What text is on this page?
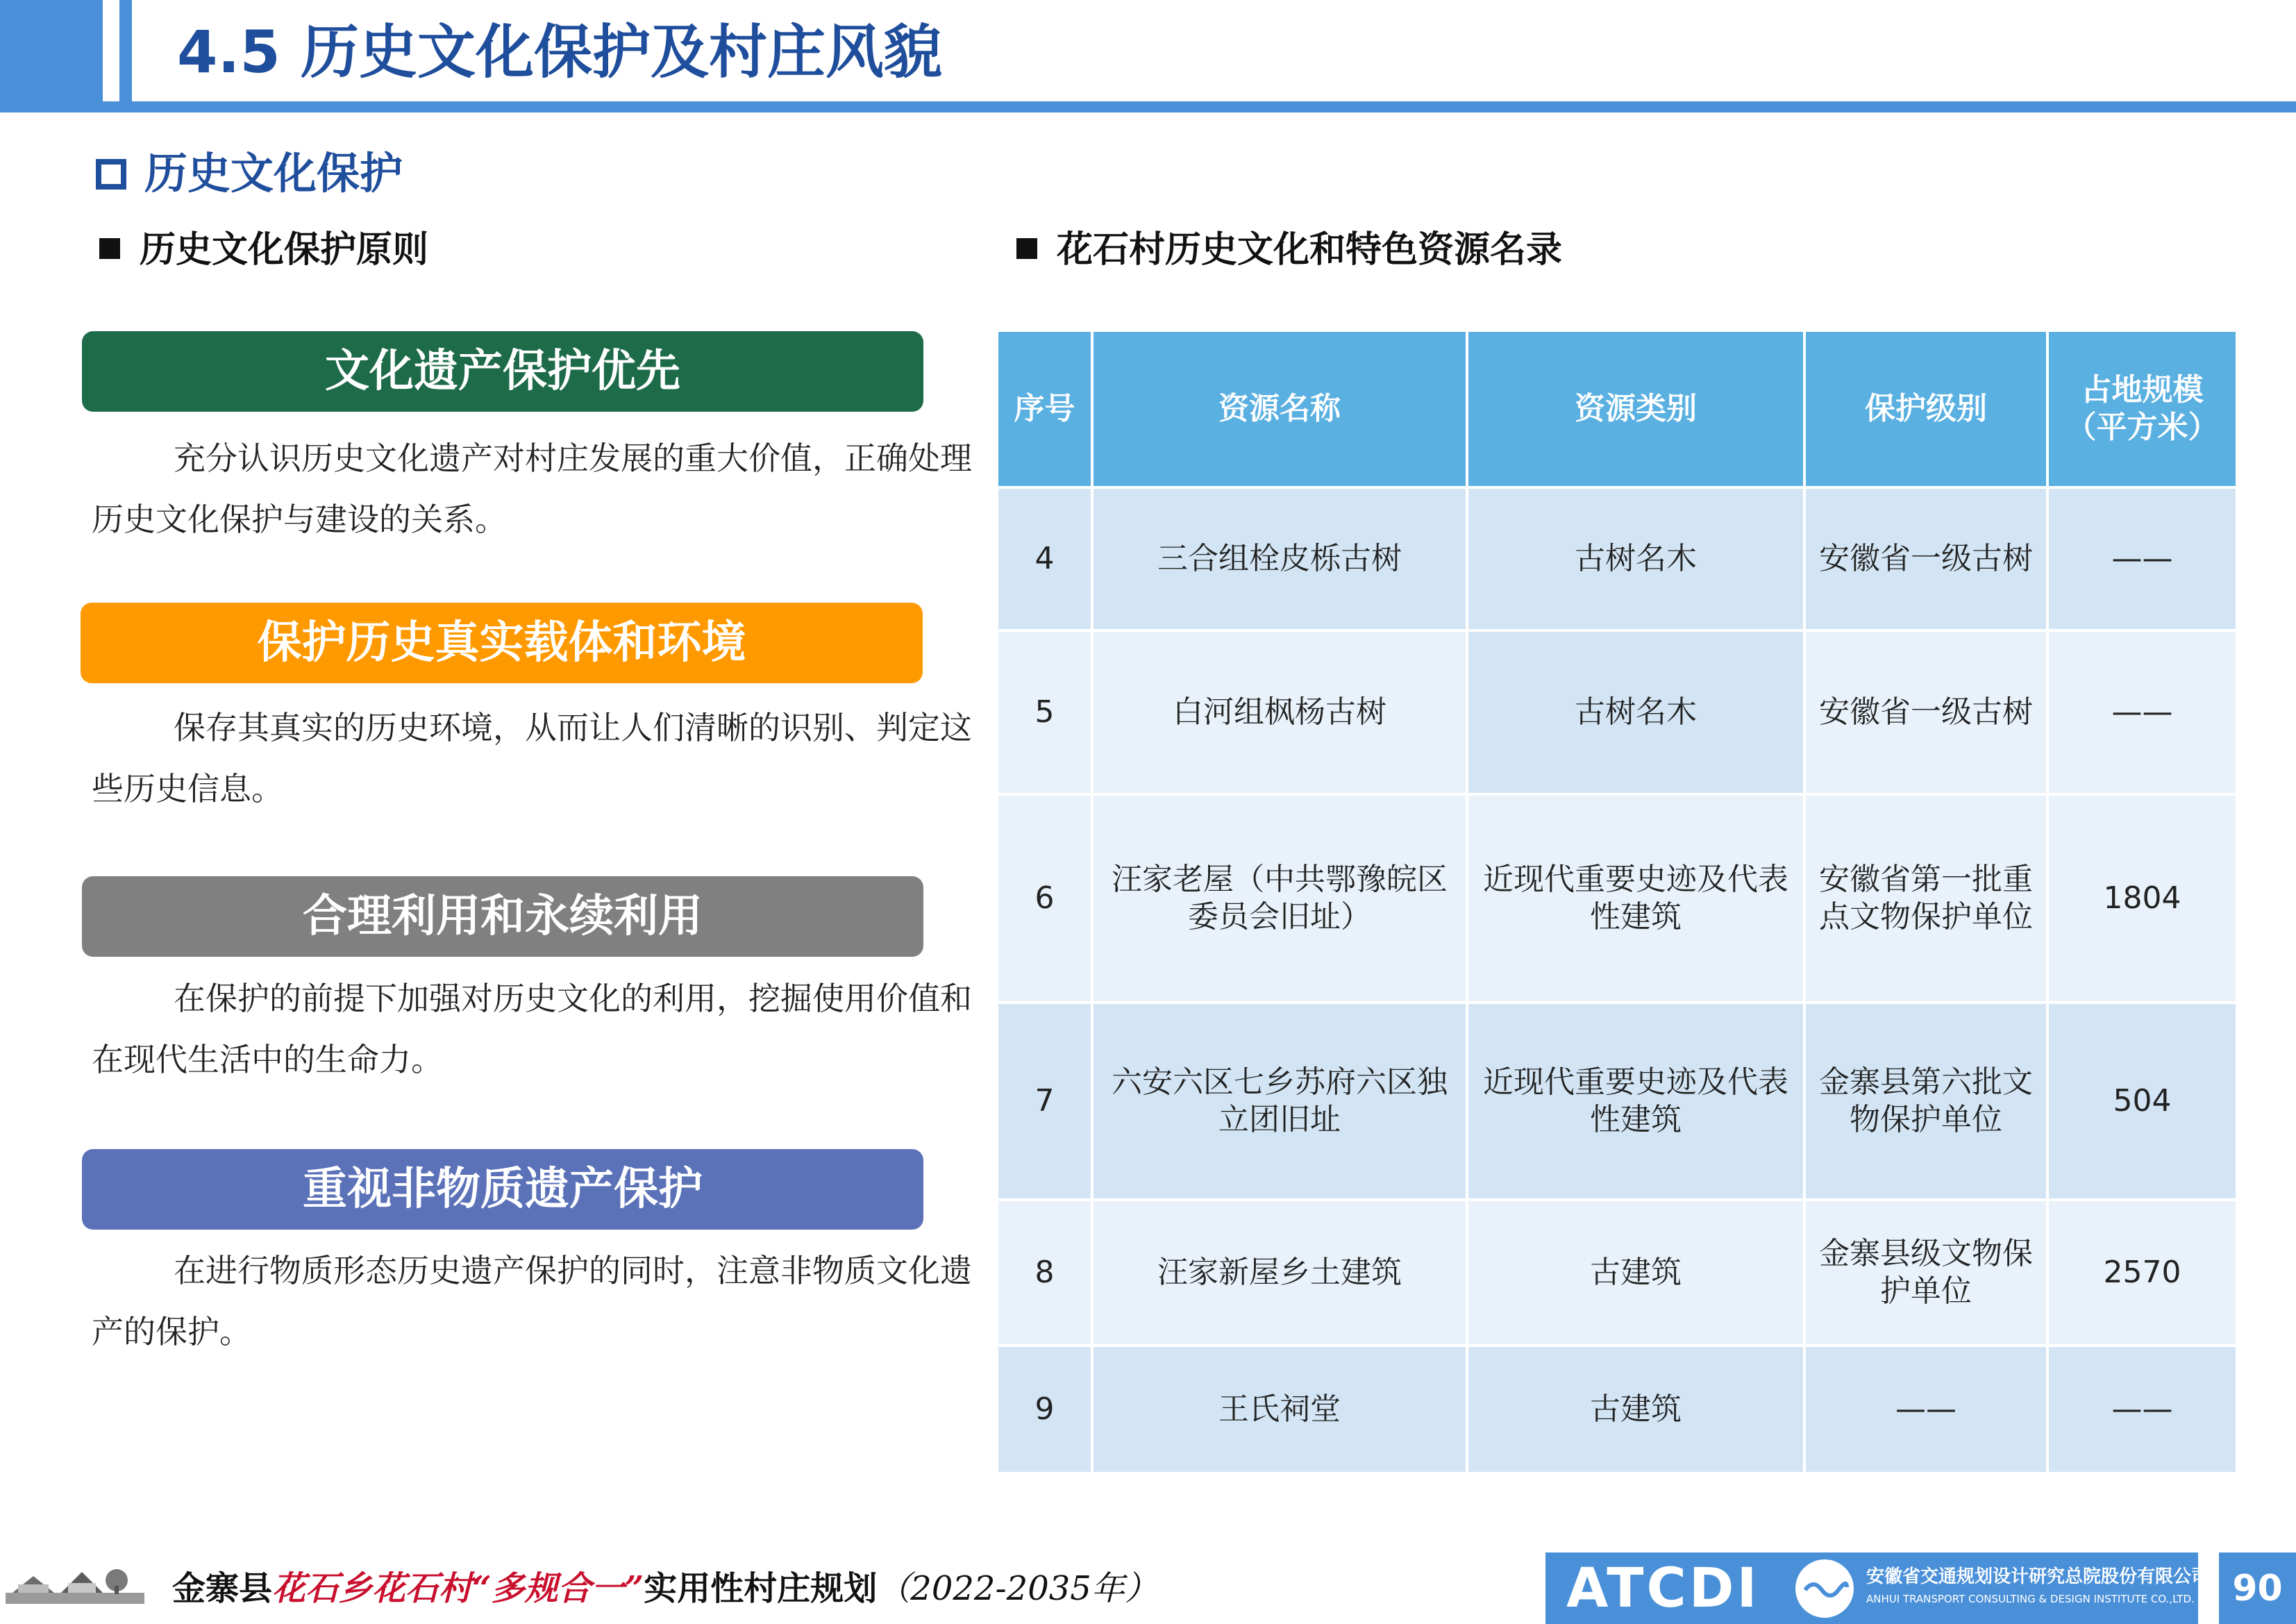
4.5 历史文化保护及村庄风貌
历史文化保护
历史文化保护原则	花石村历史文化和特色资源名录
文化遗产保护优先
充分认识历史文化遗产对村庄发展的重大价值，正确处理历史文化保护与建设的关系。
保护历史真实载体和环境
保存其真实的历史环境，从而让人们清晰的识别、判定这些历史信息。
合理利用和永续利用
在保护的前提下加强对历史文化的利用，挖掘使用价值和在现代生活中的生命力。
重视非物质遗产保护
在进行物质形态历史遗产保护的同时，注意非物质文化遗产的保护。
序号	资源名称	资源类别	保护级别	占地规模
（平方米）
4	三合组栓皮栎古树	古树名木	安徽省一级古树	——
5	白河组枫杨古树	古树名木	安徽省一级古树	——
6	汪家老屋（中共鄂豫皖区委员会旧址）	近现代重要史迹及代表性建筑	安徽省第一批重点文物保护单位	1804
7	六安六区七乡苏府六区独立团旧址	近现代重要史迹及代表性建筑	金寨县第六批文物保护单位	504
8	汪家新屋乡土建筑	古建筑	金寨县级文物保护单位	2570
9	王氏祠堂	古建筑	——	——
金寨县花石乡花石村“多规合一”实用性村庄规划（2022-2035年）	ATCDI	安徽省交通规划设计研究总院股份有限公司
ANHUI TRANSPORT CONSULTING & DESIGN INSTITUTE CO.,LTD.	90
